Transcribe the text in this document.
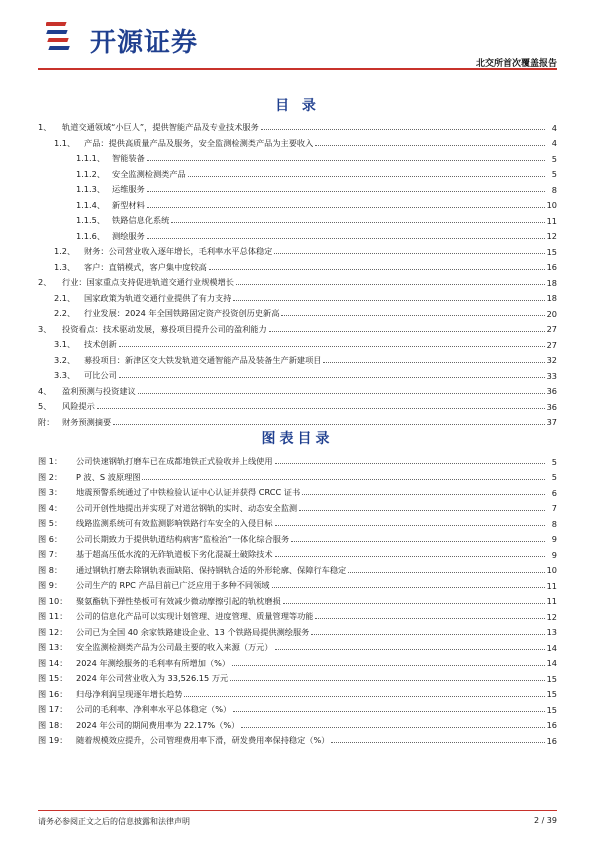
开源证券
北交所首次覆盖报告
目 录
1、	轨道交通领域“小巨人”，提供智能产品及专业技术服务	4
1.1、	产品：提供高质量产品及服务，安全监测检测类产品为主要收入	4
1.1.1、 智能装备	5
1.1.2、 安全监测检测类产品	5
1.1.3、 运维服务	8
1.1.4、 新型材料	10
1.1.5、 铁路信息化系统	11
1.1.6、 测绘服务	12
1.2、	财务：公司营业收入逐年增长，毛利率水平总体稳定	15
1.3、	客户：直销模式，客户集中度较高	16
2、	行业：国家重点支持促进轨道交通行业规模增长	18
2.1、	国家政策为轨道交通行业提供了有力支持	18
2.2、	行业发展：2024 年全国铁路固定资产投资创历史新高	20
3、	投资看点：技术驱动发展，募投项目提升公司的盈利能力	27
3.1、	技术创新	27
3.2、	募投项目：新津区交大铁发轨道交通智能产品及装备生产新建项目	32
3.3、	可比公司	33
4、	盈利预测与投资建议	36
5、	风险提示	36
附： 财务预测摘要	37
图表目录
图 1：	公司快速钢轨打磨车已在成都地铁正式验收并上线使用	5
图 2：	P 波、S 波原理图	5
图 3：	地震预警系统通过了中铁检验认证中心认证并获得 CRCC 证书	6
图 4：	公司开创性地提出并实现了对道岔钢轨的实时、动态安全监测	7
图 5：	线路监测系统可有效监测影响铁路行车安全的入侵目标	8
图 6：	公司长期致力于提供轨道结构病害“监检治”一体化综合服务	9
图 7：	基于超高压低水流的无砟轨道板下劣化混凝土破除技术	9
图 8：	通过钢轨打磨去除钢轨表面缺陷、保持钢轨合适的外形轮廓、保障行车稳定	10
图 9：	公司生产的 RPC 产品目前已广泛应用于多种不同领域	11
图 10：	聚氨酯轨下弹性垫板可有效减少微动摩擦引起的轨枕磨损	11
图 11：	公司的信息化产品可以实现计划管理、进度管理、质量管理等功能	12
图 12：	公司已为全国 40 余家铁路建设企业、13 个铁路局提供测绘服务	13
图 13：	安全监测检测类产品为公司最主要的收入来源（万元）	14
图 14：	2024 年测绘服务的毛利率有所增加（%）	14
图 15：	2024 年公司营业收入为 33,526.15 万元	15
图 16：	归母净利润呈现逐年增长趋势	15
图 17：	公司的毛利率、净利率水平总体稳定（%）	15
图 18：	2024 年公司的期间费用率为 22.17%（%）	16
图 19：	随着规模效应提升，公司管理费用率下滑，研发费用率保持稳定（%）	16
请务必参阅正文之后的信息披露和法律声明	2 / 39
